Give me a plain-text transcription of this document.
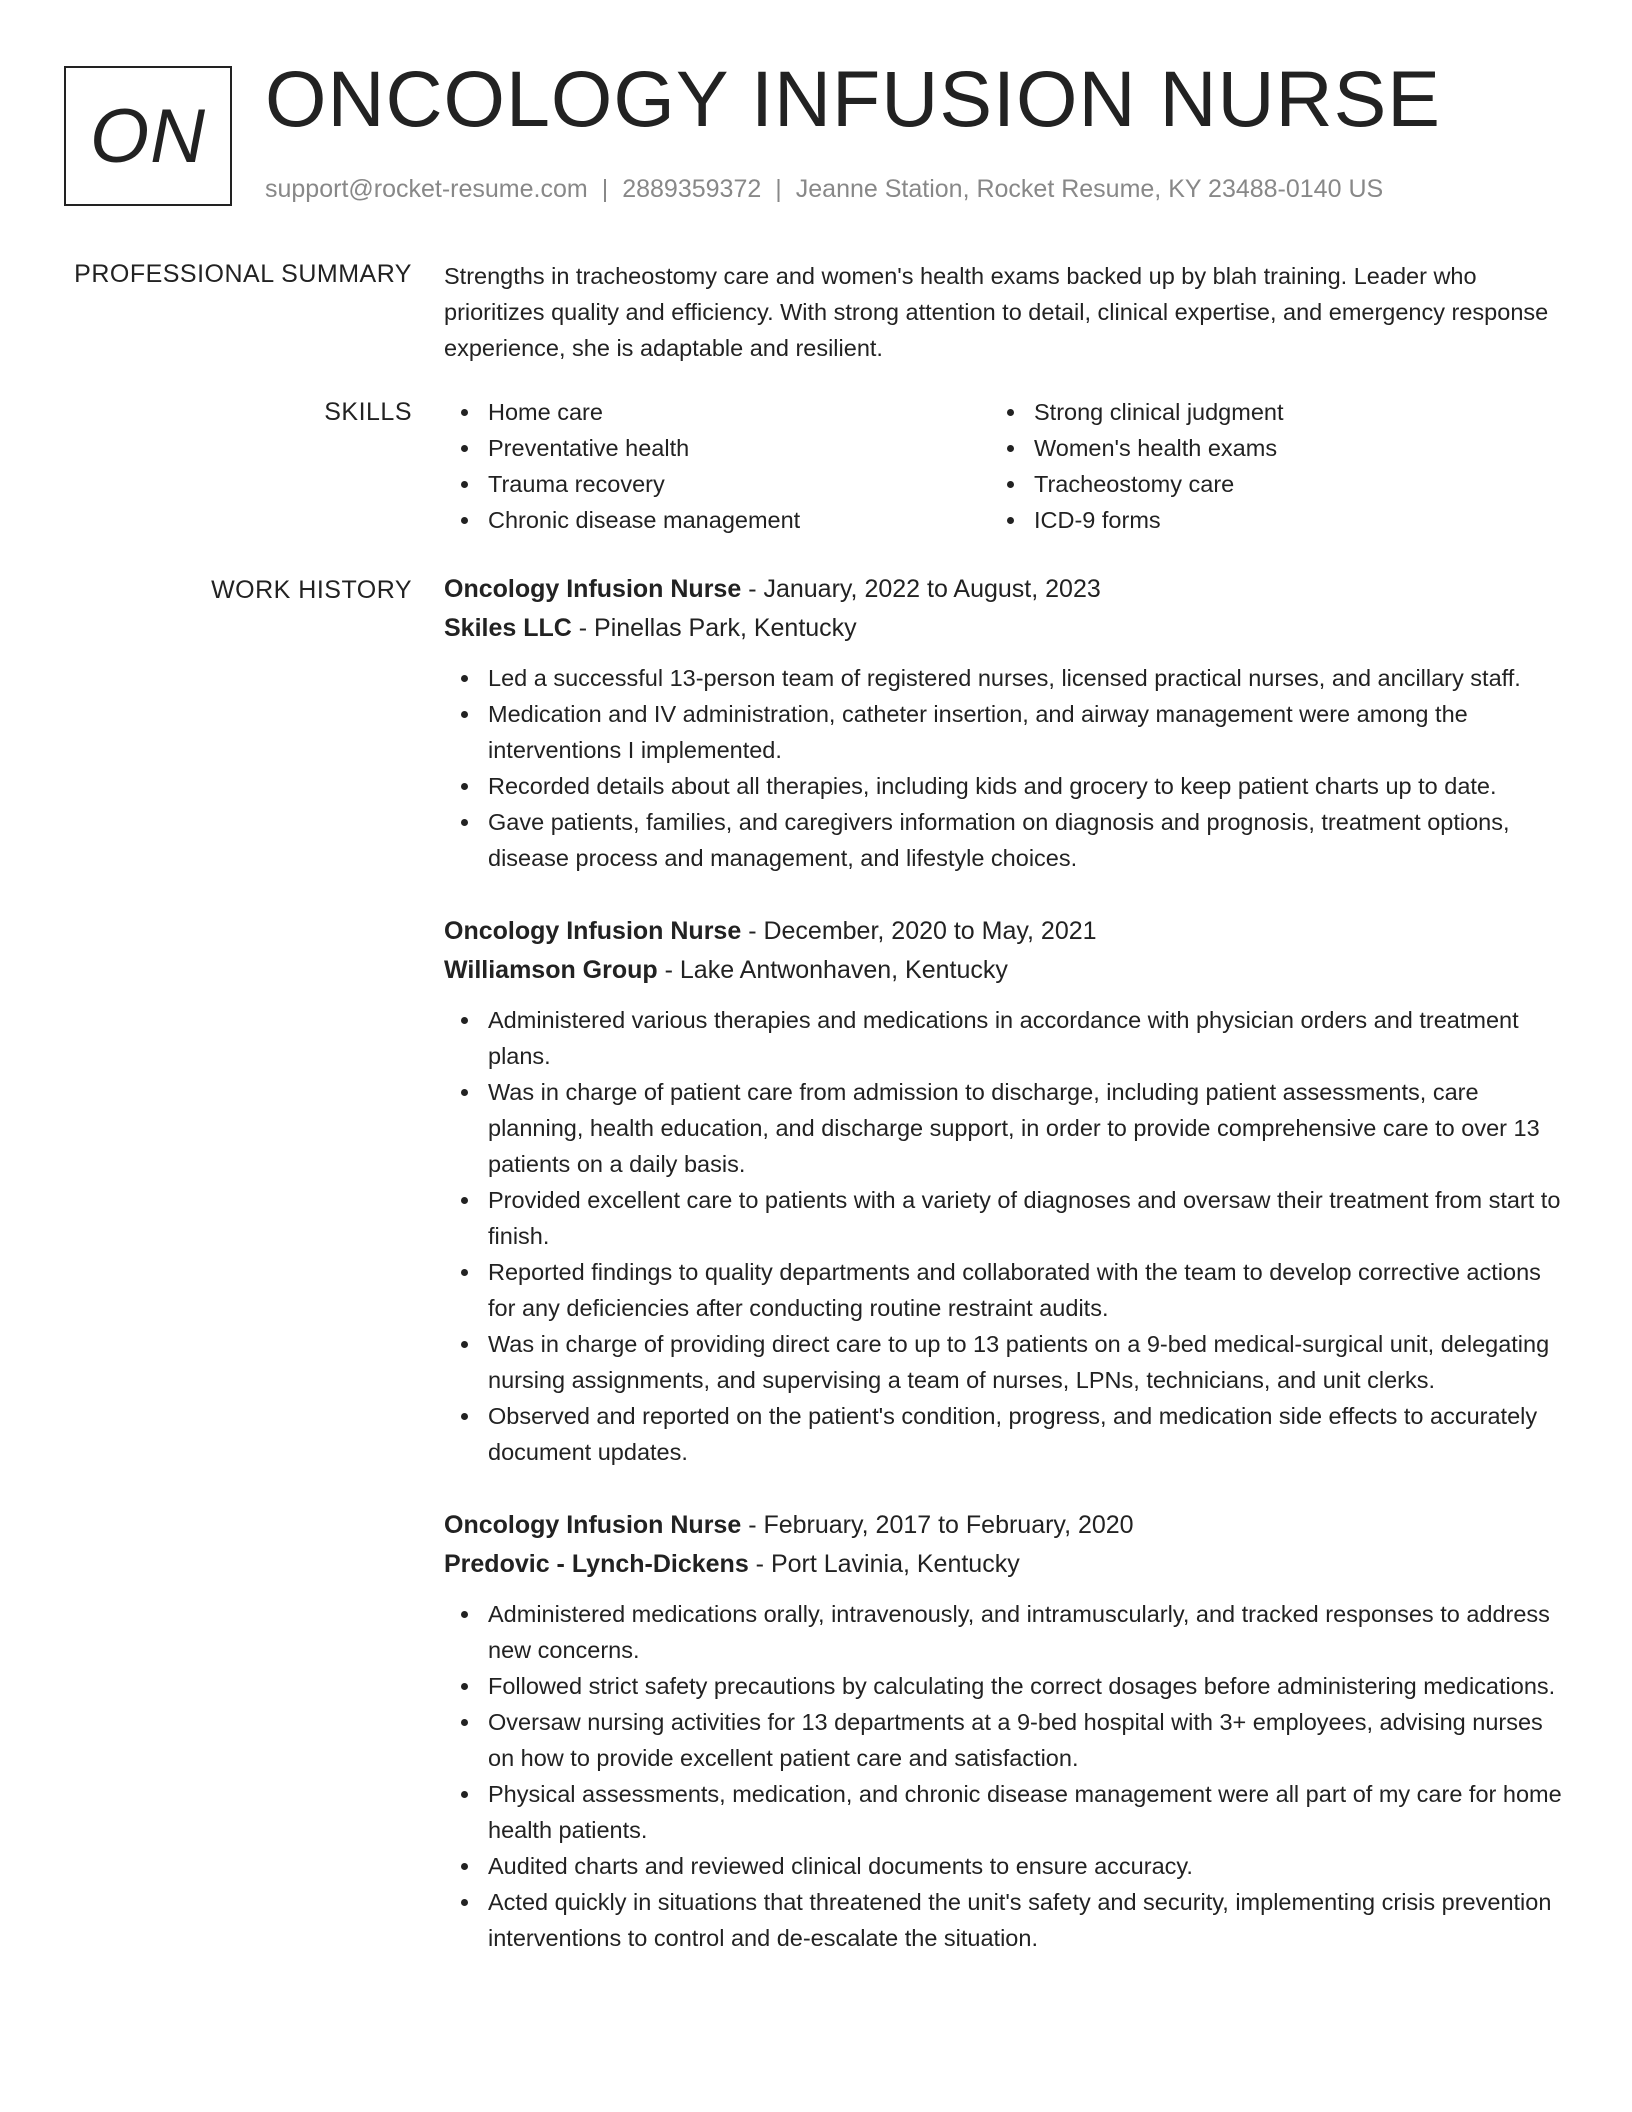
ON ONCOLOGY INFUSION NURSE
support@rocket-resume.com | 2889359372 | Jeanne Station, Rocket Resume, KY 23488-0140 US
PROFESSIONAL SUMMARY Strengths in tracheostomy care and women's health exams backed up by blah training. Leader who prioritizes quality and efficiency. With strong attention to detail, clinical expertise, and emergency response experience, she is adaptable and resilient.

SKILLS	Home care
Preventative health
Trauma recovery
Chronic disease management
Strong clinical judgment
Women's health exams
Tracheostomy care
ICD-9 forms
WORK HISTORY Oncology Infusion Nurse - January, 2022 to August, 2023
Skiles LLC - Pinellas Park, Kentucky
Led a successful 13-person team of registered nurses, licensed practical nurses, and ancillary staff.
Medication and IV administration, catheter insertion, and airway management were among the interventions I implemented.
Recorded details about all therapies, including kids and grocery to keep patient charts up to date.
Gave patients, families, and caregivers information on diagnosis and prognosis, treatment options, disease process and management, and lifestyle choices.
Oncology Infusion Nurse - December, 2020 to May, 2021
Williamson Group - Lake Antwonhaven, Kentucky
Administered various therapies and medications in accordance with physician orders and treatment plans.
Was in charge of patient care from admission to discharge, including patient assessments, care planning, health education, and discharge support, in order to provide comprehensive care to over 13 patients on a daily basis.
Provided excellent care to patients with a variety of diagnoses and oversaw their treatment from start to finish.
Reported findings to quality departments and collaborated with the team to develop corrective actions for any deficiencies after conducting routine restraint audits.
Was in charge of providing direct care to up to 13 patients on a 9-bed medical-surgical unit, delegating nursing assignments, and supervising a team of nurses, LPNs, technicians, and unit clerks.
Observed and reported on the patient's condition, progress, and medication side effects to accurately document updates.
Oncology Infusion Nurse - February, 2017 to February, 2020
Predovic - Lynch-Dickens - Port Lavinia, Kentucky
Administered medications orally, intravenously, and intramuscularly, and tracked responses to address new concerns.
Followed strict safety precautions by calculating the correct dosages before administering medications.
Oversaw nursing activities for 13 departments at a 9-bed hospital with 3+ employees, advising nurses on how to provide excellent patient care and satisfaction.
Physical assessments, medication, and chronic disease management were all part of my care for home health patients.
Audited charts and reviewed clinical documents to ensure accuracy.
Acted quickly in situations that threatened the unit's safety and security, implementing crisis prevention interventions to control and de-escalate the situation.
